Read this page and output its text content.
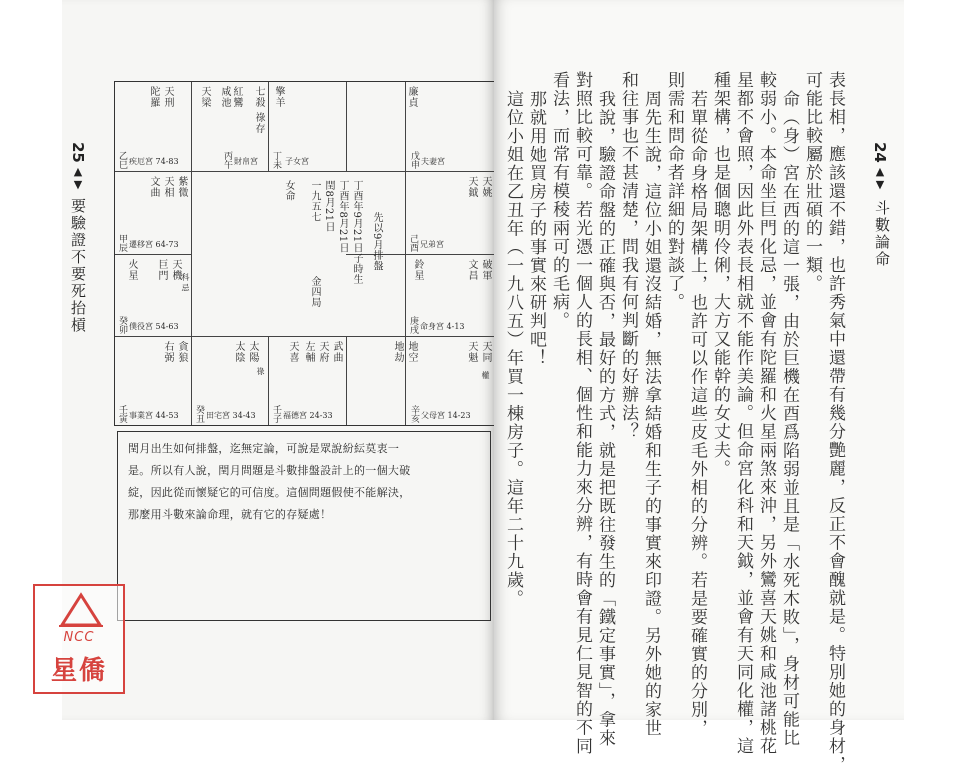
25
▲▼
要驗證不要死抬槓
天刑
陀羅
乙巳 疾厄宮 74-83
天梁 咸池 紅鸞	七殺 祿存
丙午 財帛宮
擎羊
丁未 子女宮
廉貞
戊申 夫妻宮
紫微
天相
文曲
甲辰 遷移宮 64-73
天姚
天鉞
己酉 兄弟宮
天機
巨門
火星
科 忌
癸卯 僕役宮 54-63
破軍
文昌
鈴星
庚戌 命身宮 4-13
貪狼
右弼
壬寅 事業宮 44-53
太陽
太陰
祿
癸丑 田宅宮 34-43
天喜	武曲
天府
左輔
壬子 福德宮 24-33
天同
天魁
地空
地劫
權
辛亥 父母宮 14-23
女命 一九五七 閏8月21日 丁酉年8月21日 丁酉年9月21日子時生 先以9月排盤
金四局
閏月出生如何排盤，迄無定論，可說是眾說紛紜莫衷一
是。所以有人說，閏月問題是斗數排盤設計上的一個大破
綻，因此從而懷疑它的可信度。這個問題假使不能解決，
那麼用斗數來論命理，就有它的存疑處！
24
▲▼
斗數論命
表長相，應該還不錯，也許秀氣中還帶有幾分艷麗，反正不會醜就是。特別她的身材，
可能比較屬於壯碩的一類。
命（身）宮在西的這一張，由於巨機在酉爲陷弱並且是「水死木敗」，身材可能比
較弱小。本命坐巨門化忌，並會有陀羅和火星兩煞來沖，另外鸞喜天姚和咸池諸桃花
星都不會照，因此外表長相就不能作美論。但命宮化科和天鉞，並會有天同化權，這
種架構，也是個聰明伶俐，大方又能幹的女丈夫。
若單從命身格局架構上，也許可以作這些皮毛外相的分辨。若是要確實的分別，
則需和問命者詳細的對談了。
周先生說，這位小姐還沒結婚，無法拿結婚和生子的事實來印證。另外她的家世
和往事也不甚清楚，問我有何判斷的好辦法？
我說，驗證命盤的正確與否，最好的方式，就是把既往發生的「鐵定事實」，拿來
對照比較可靠。若光憑一個人的長相、個性和能力來分辨，有時會有見仁見智的不同
看法，而常有模稜兩可的毛病。
那就用她買房子的事實來研判吧！
這位小姐在乙丑年（一九八五）年買一棟房子。這年二十九歲。
NCC
星僑
